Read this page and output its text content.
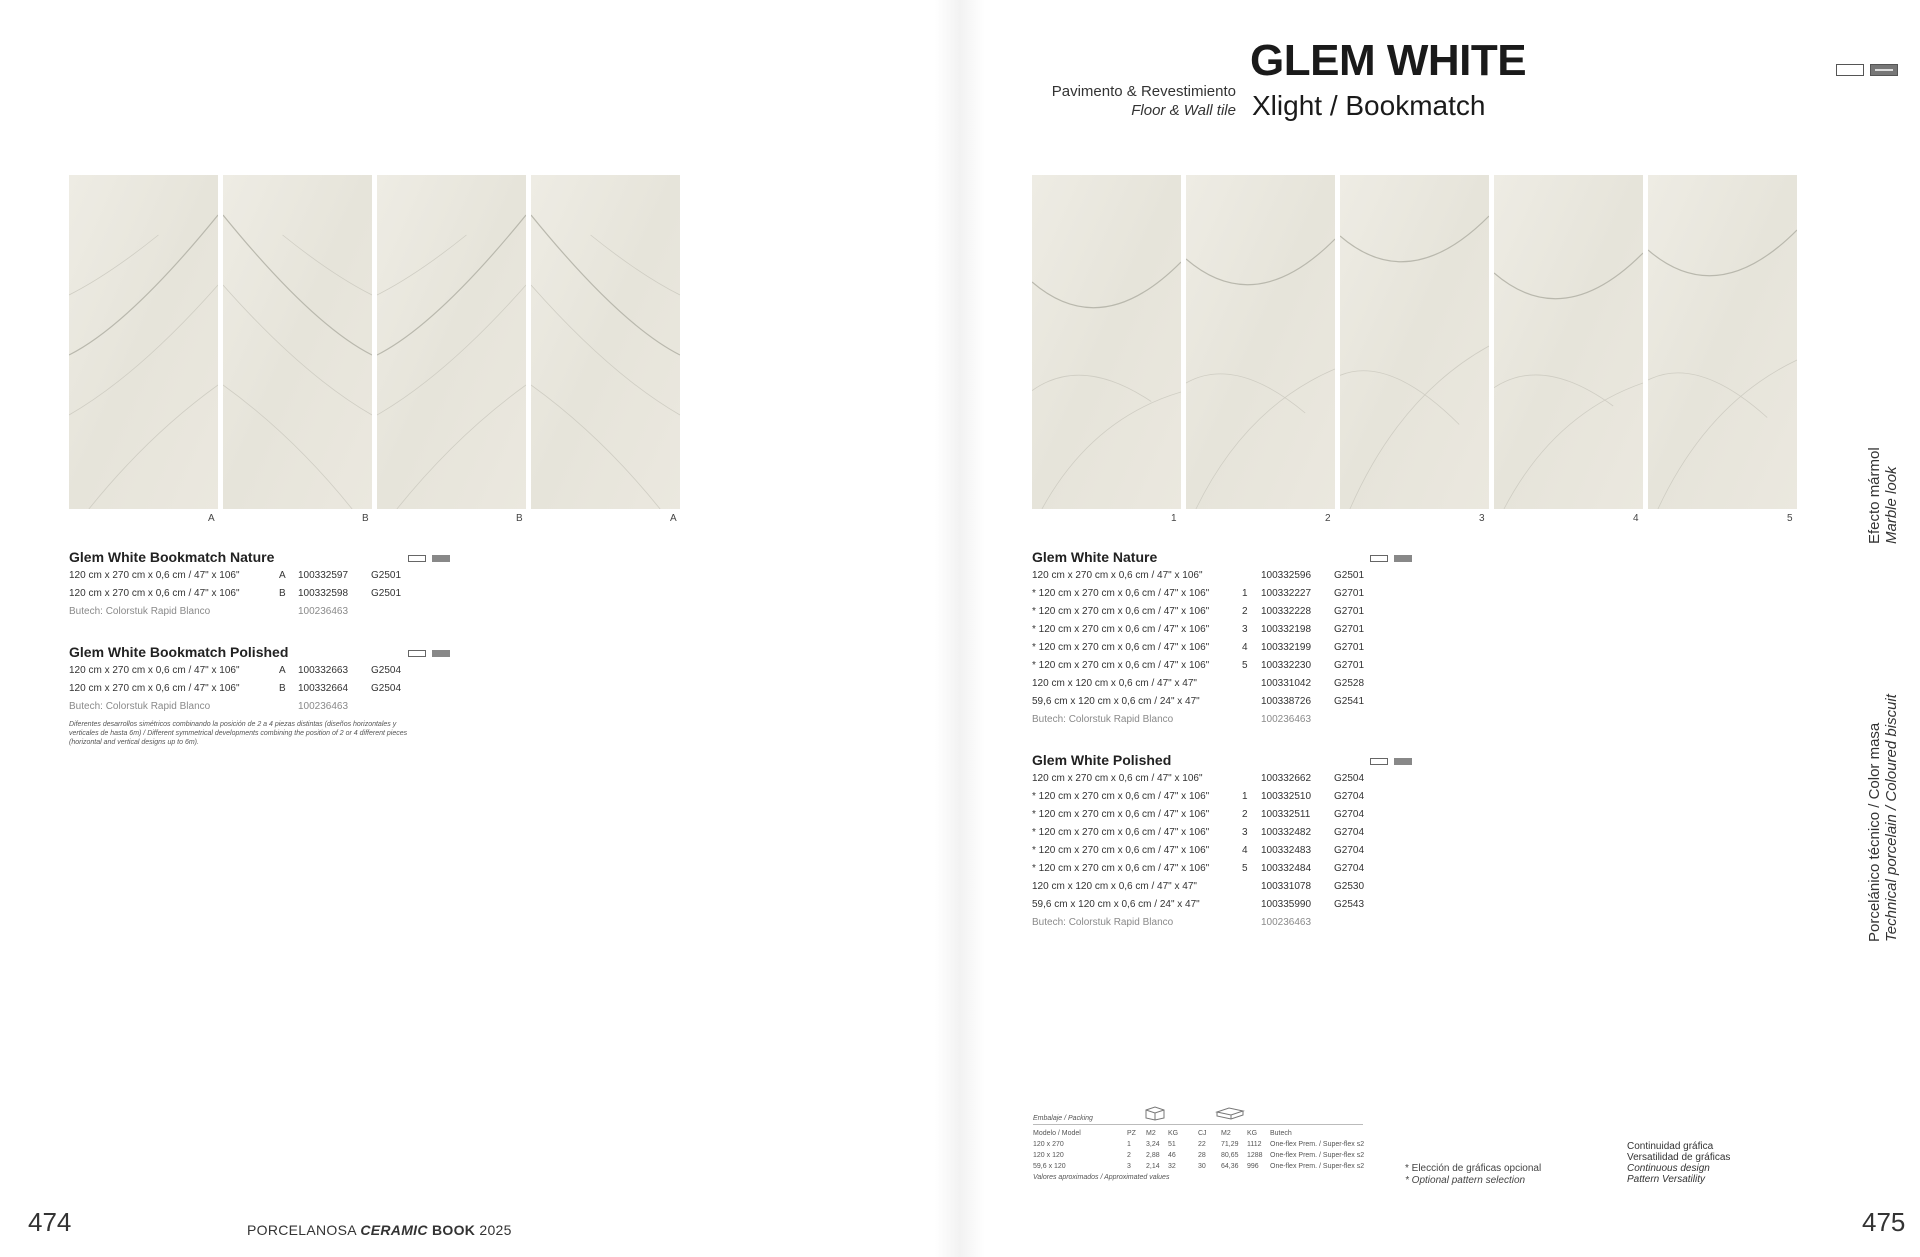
Pavimento & Revestimiento
Floor & Wall tile
GLEM WHITE
Xlight / Bookmatch
A	B	B	A	1	2	3	4	5
Glem White Bookmatch Nature
120 cm x 270 cm x 0,6 cm / 47" x 106"	A 100332597 G2501
120 cm x 270 cm x 0,6 cm / 47" x 106"	B 100332598 G2501
Butech: Colorstuk Rapid Blanco	100236463
Glem White Bookmatch Polished
120 cm x 270 cm x 0,6 cm / 47" x 106"	A 100332663 G2504
120 cm x 270 cm x 0,6 cm / 47" x 106"	B 100332664 G2504
Butech: Colorstuk Rapid Blanco	100236463
Diferentes desarrollos simétricos combinando la posición de 2 a 4 piezas distintas (diseños horizontales y verticales de hasta 6m) / Different symmetrical developments combining the position of 2 or 4 different pieces (horizontal and vertical designs up to 6m).
Glem White Nature
120 cm x 270 cm x 0,6 cm / 47" x 106"	100332596 G2501
* 120 cm x 270 cm x 0,6 cm / 47" x 106"	1 100332227 G2701
* 120 cm x 270 cm x 0,6 cm / 47" x 106"	2 100332228 G2701
* 120 cm x 270 cm x 0,6 cm / 47" x 106"	3 100332198 G2701
* 120 cm x 270 cm x 0,6 cm / 47" x 106"	4 100332199 G2701
* 120 cm x 270 cm x 0,6 cm / 47" x 106"	5 100332230 G2701
120 cm x 120 cm x 0,6 cm / 47" x 47"	100331042 G2528
59,6 cm x 120 cm x 0,6 cm / 24" x 47"	100338726 G2541
Butech: Colorstuk Rapid Blanco	100236463
Glem White Polished
120 cm x 270 cm x 0,6 cm / 47" x 106"	100332662 G2504
* 120 cm x 270 cm x 0,6 cm / 47" x 106"	1 100332510 G2704
* 120 cm x 270 cm x 0,6 cm / 47" x 106"	2 100332511 G2704
* 120 cm x 270 cm x 0,6 cm / 47" x 106"	3 100332482 G2704
* 120 cm x 270 cm x 0,6 cm / 47" x 106"	4 100332483 G2704
* 120 cm x 270 cm x 0,6 cm / 47" x 106"	5 100332484 G2704
120 cm x 120 cm x 0,6 cm / 47" x 47"	100331078 G2530
59,6 cm x 120 cm x 0,6 cm / 24" x 47"	100335990 G2543
Butech: Colorstuk Rapid Blanco	100236463
Embalaje / Packing
Modelo / Model	PZ M2 KG	CJ M2 KG Butech
120 x 270	1 3,24 51	22 71,29 1112 One-flex Prem. / Super-flex s2
120 x 120	2 2,88 46	28 80,65 1288 One-flex Prem. / Super-flex s2
59,6 x 120	3 2,14 32	30 64,36 996 One-flex Prem. / Super-flex s2
Valores aproximados / Approximated values
* Elección de gráficas opcional
* Optional pattern selection
Continuidad gráfica
Versatilidad de gráficas
Continuous design
Pattern Versatility
Efecto mármol Marble look
Porcelánico técnico / Color masa Technical porcelain / Coloured biscuit
474	475
PORCELANOSA CERAMIC BOOK 2025
